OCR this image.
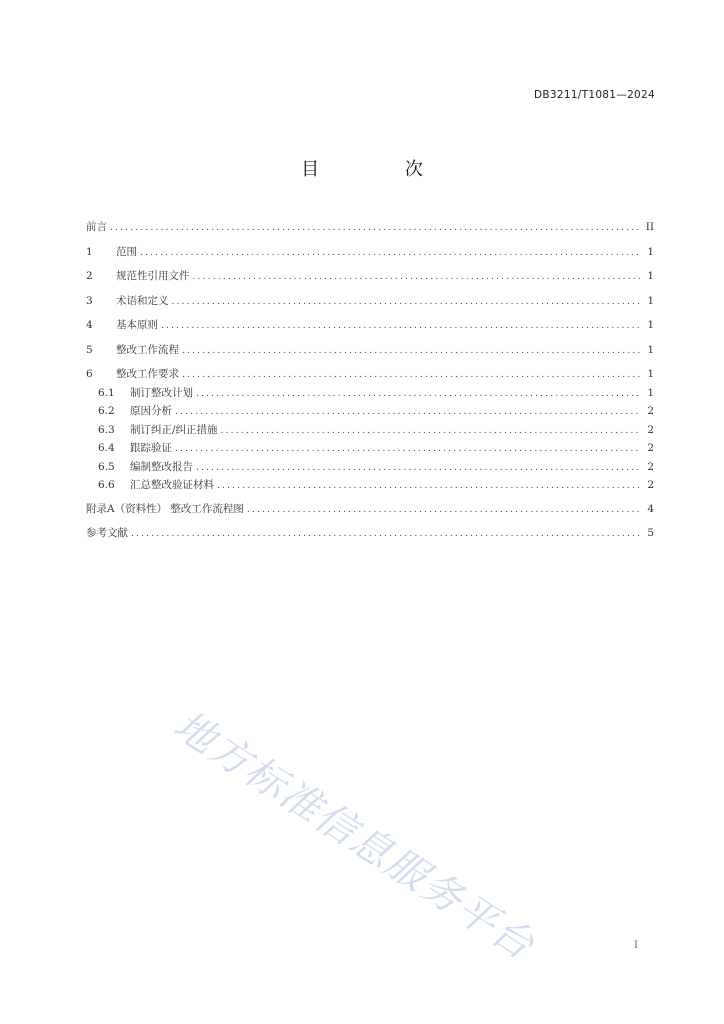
DB3211/T1081—2024
目 次
前言 .....	II
1	范围 .....	1
2	规范性引用文件 .....	1
3	术语和定义 .....	1
4	基本原则 .....	1
5	整改工作流程 .....	1
6	整改工作要求 .....	1
6.1	制订整改计划 .....	1
6.2	原因分析 .....	2
6.3	制订纠正/纠正措施 .....	2
6.4	跟踪验证 .....	2
6.5	编制整改报告 .....	2
6.6	汇总整改验证材料 .....	2
附录A（资料性） 整改工作流程图 .....	4
参考文献 .....	5
地方标准信息服务平台	I
